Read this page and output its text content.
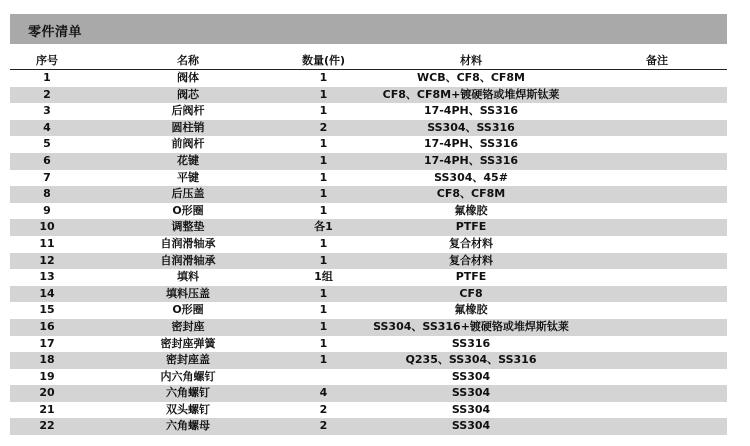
零件清单
序号	名称	数量(件)	材料	备注
1	阀体	1	WCB、CF8、CF8M	
2	阀芯	1	CF8、CF8M+镀硬铬或堆焊斯钛莱	
3	后阀杆	1	17-4PH、SS316	
4	圆柱销	2	SS304、SS316	
5	前阀杆	1	17-4PH、SS316	
6	花键	1	17-4PH、SS316	
7	平键	1	SS304、45#	
8	后压盖	1	CF8、CF8M	
9	O形圈	1	氟橡胶	
10	调整垫	各1	PTFE	
11	自润滑轴承	1	复合材料	
12	自润滑轴承	1	复合材料	
13	填料	1组	PTFE	
14	填料压盖	1	CF8	
15	O形圈	1	氟橡胶	
16	密封座	1	SS304、SS316+镀硬铬或堆焊斯钛莱	
17	密封座弹簧	1	SS316	
18	密封座盖	1	Q235、SS304、SS316	
19	内六角螺钉		SS304	
20	六角螺钉	4	SS304	
21	双头螺钉	2	SS304	
22	六角螺母	2	SS304	
